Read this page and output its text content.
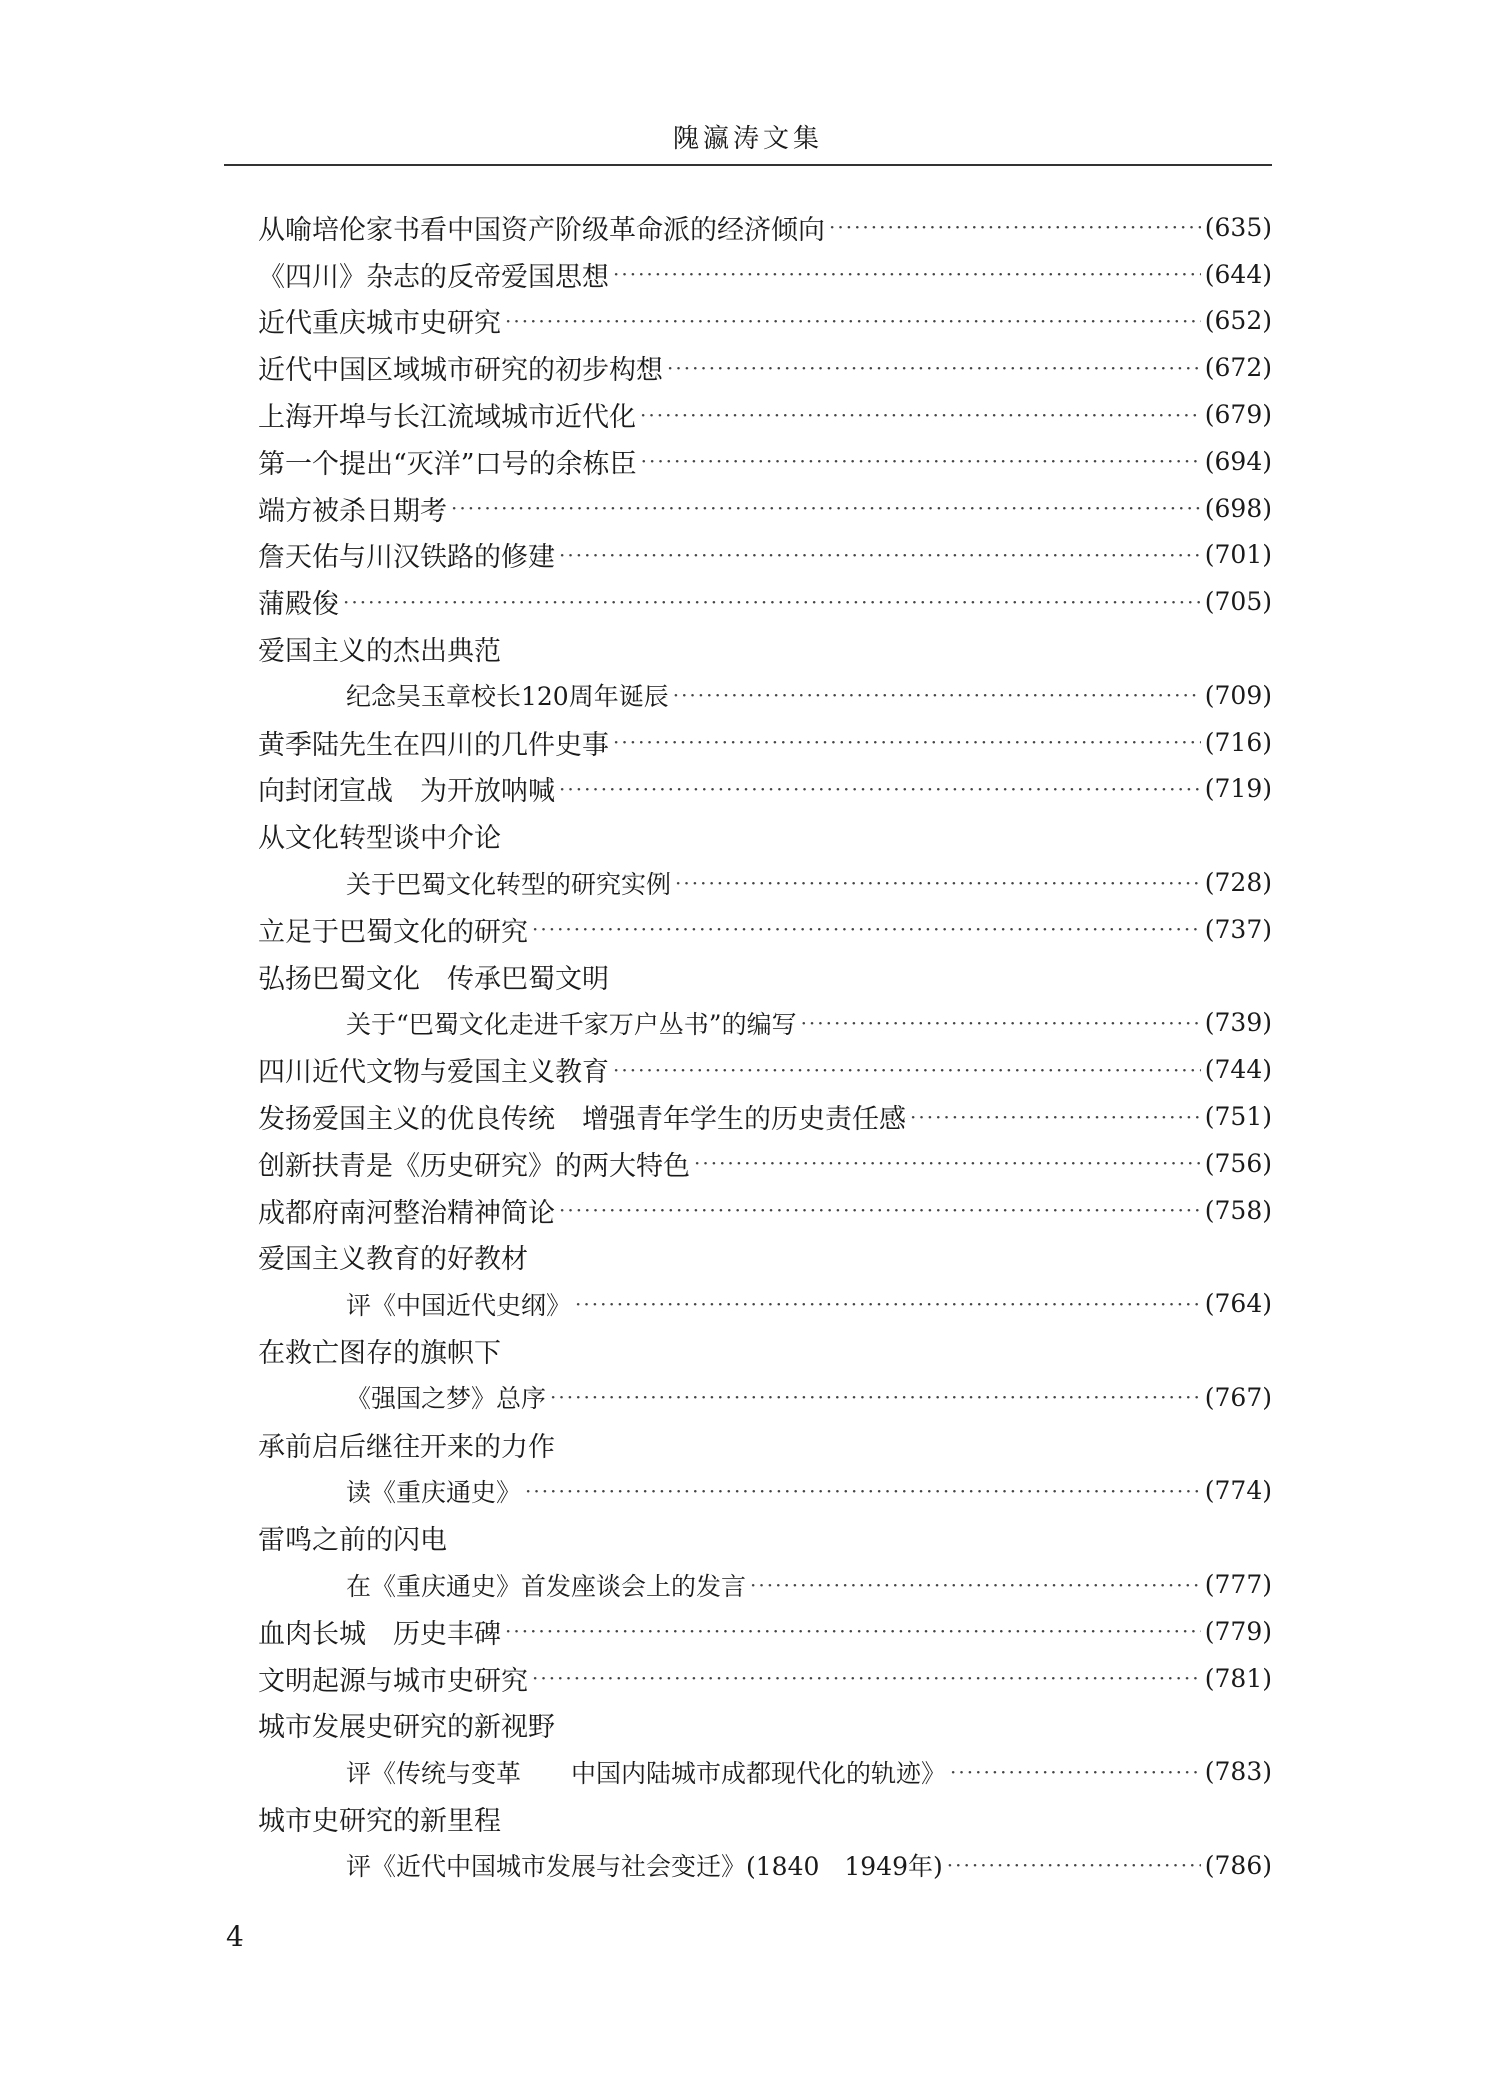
隗瀛涛文集
从喻培伦家书看中国资产阶级革命派的经济倾向 ·····	(635)
《四川》杂志的反帝爱国思想 ·····	(644)
近代重庆城市史研究 ·····	(652)
近代中国区域城市研究的初步构想 ·····	(672)
上海开埠与长江流域城市近代化 ·····	(679)
第一个提出“灭洋”口号的余栋臣 ·····	(694)
端方被杀日期考 ·····	(698)
詹天佑与川汉铁路的修建 ·····	(701)
蒲殿俊 ·····	(705)
爱国主义的杰出典范
纪念吴玉章校长120周年诞辰 ·····	(709)
黄季陆先生在四川的几件史事 ·····	(716)
向封闭宣战　为开放呐喊 ·····	(719)
从文化转型谈中介论
关于巴蜀文化转型的研究实例 ·····	(728)
立足于巴蜀文化的研究 ·····	(737)
弘扬巴蜀文化　传承巴蜀文明
关于“巴蜀文化走进千家万户丛书”的编写 ·····	(739)
四川近代文物与爱国主义教育 ·····	(744)
发扬爱国主义的优良传统　增强青年学生的历史责任感 ·····	(751)
创新扶青是《历史研究》的两大特色 ·····	(756)
成都府南河整治精神简论 ·····	(758)
爱国主义教育的好教材
评《中国近代史纲》 ·····	(764)
在救亡图存的旗帜下
《强国之梦》总序 ·····	(767)
承前启后继往开来的力作
读《重庆通史》 ·····	(774)
雷鸣之前的闪电
在《重庆通史》首发座谈会上的发言 ·····	(777)
血肉长城　历史丰碑 ·····	(779)
文明起源与城市史研究 ·····	(781)
城市发展史研究的新视野
评《传统与变革　　中国内陆城市成都现代化的轨迹》 ·····	(783)
城市史研究的新里程
评《近代中国城市发展与社会变迁》(1840　1949年) ·····	(786)
4
